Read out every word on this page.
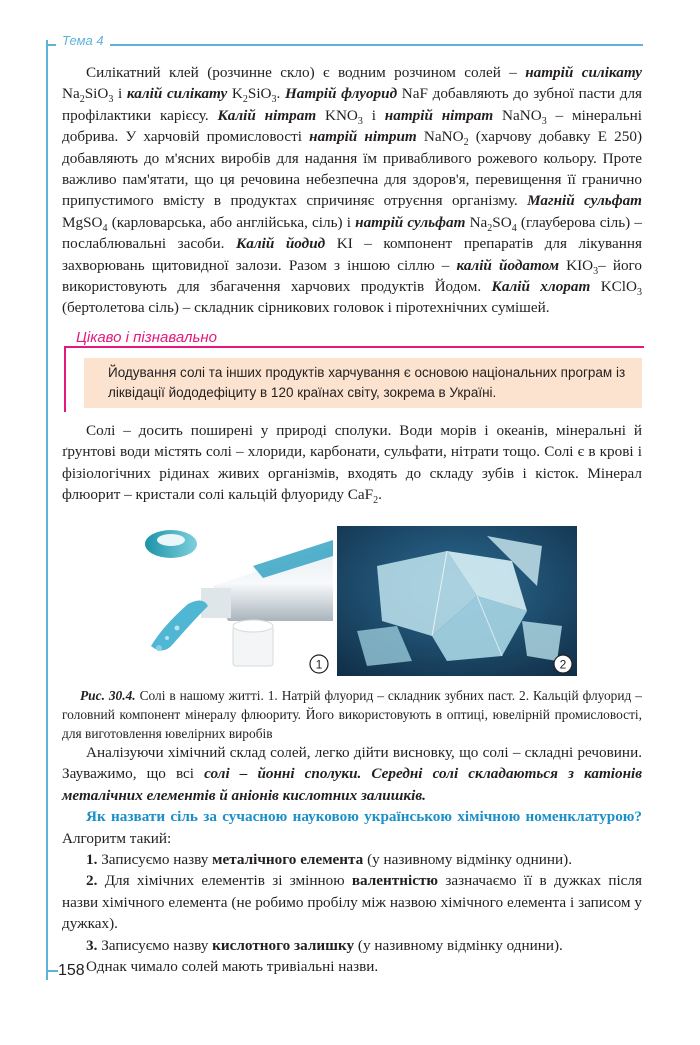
Тема 4

Силікатний клей (розчинне скло) є водним розчином солей – натрій силікату $Na_2SiO_3$ і калій силікату $K_2SiO_3$. Натрій флуорид NaF добавляють до зубної пасти для профілактики карієсу. Калій нітрат $KNO_3$ і натрій нітрат NaNO$_3$ – мінеральні добрива. У харчовій промисловості натрій нітрит NaNO$_2$ (харчову добавку E 250) добавляють до м'ясних виробів для надання їм привабливого рожевого кольору. Проте важливо пам'ятати, що ця речовина небезпечна для здоров'я, перевищення її гранично припустимого вмісту в продуктах спричиняє отруєння організму. Магній сульфат MgSO$_4$ (карловарська, або англійська, сіль) і натрій сульфат $Na_2SO_4$ (глауберова сіль) – послаблювальні засоби. Калій йодид KI – компонент препаратів для лікування захворювань щитовидної залози. Разом з іншою сіллю – калій йодатом $KIO_3-$ його використовують для збагачення харчових продуктів Йодом. Калій хлорат KClO$_3$ (бертолетова сіль) – складник сірникових головок і піротехнічних сумішей.

Цікаво і пізнавально
Йодування солі та інших продуктів харчування є основою національних програм із ліквідації йододефіциту в 120 країнах світу, зокрема в Україні.

Солі – досить поширені у природі сполуки. Води морів і океанів, мінеральні й ґрунтові води містять солі – хлориди, карбонати, сульфати, нітрати тощо. Солі є в крові і фізіологічних рідинах живих організмів, входять до складу зубів і кісток. Мінерал флюорит – кристали солі кальцій флуориду CaF$_2$.

1	2

Рис. 30.4. Солі в нашому житті. 1. Натрій флуорид – складник зубних паст. 2. Кальцій флуорид – головний компонент мінералу флюориту. Його використовують в оптиці, ювелірній промисловості, для виготовлення ювелірних виробів

Аналізуючи хімічний склад солей, легко дійти висновку, що солі – складні речовини. Зауважимо, що всі солі – йонні сполуки. Середні солі складаються з катіонів металічних елементів й аніонів кислотних залишків.

Як назвати сіль за сучасною науковою українською хімічною номенклатурою? Алгоритм такий:

1. Записуємо назву металічного елемента (у називному відмінку однини).

2. Для хімічних елементів зі змінною валентністю зазначаємо її в дужках після назви хімічного елемента (не робимо пробілу між назвою хімічного елемента і записом у дужках).

3. Записуємо назву кислотного залишку (у називному відмінку однини).

Однак чимало солей мають тривіальні назви.

158
